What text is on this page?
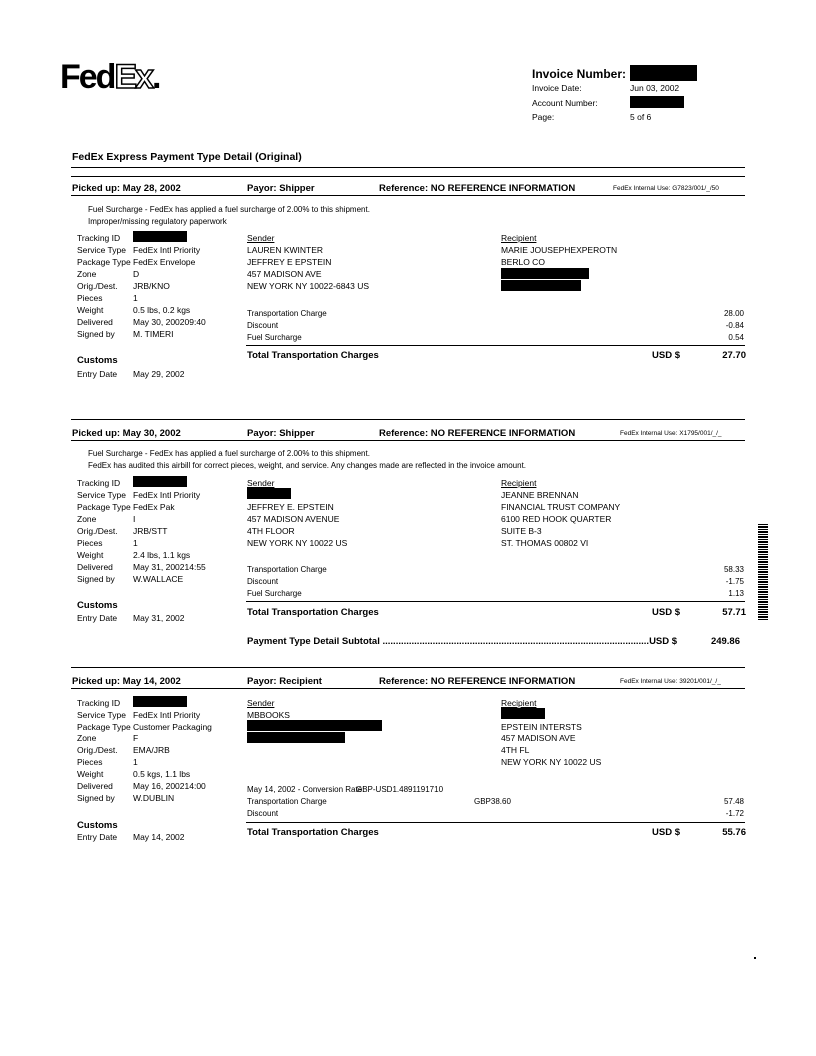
FedEx.	Invoice Number:
Invoice Date:	Jun 03, 2002
Account Number:
Page:	5 of 6
FedEx Express Payment Type Detail (Original)
Picked up: May 28, 2002	Payor: Shipper	Reference: NO REFERENCE INFORMATION	FedEx Internal Use: G7823/001/_/50
Fuel Surcharge - FedEx has applied a fuel surcharge of 2.00% to this shipment.
Improper/missing regulatory paperwork
Tracking ID
Service Type FedEx Intl Priority
Package Type FedEx Envelope
Zone	D
Orig./Dest. JRB/KNO
Pieces	1
Weight	0.5 lbs, 0.2 kgs
Delivered May 30, 200209:40
Signed by M. TIMERI
Customs
Entry Date May 29, 2002
Sender
LAUREN KWINTER
JEFFREY E EPSTEIN
457 MADISON AVE
NEW YORK NY 10022-6843 US
Recipient
MARIE JOUSEPHEXPEROTN
BERLO CO
Transportation Charge	28.00
Discount	-0.84
Fuel Surcharge	0.54
Total Transportation Charges	USD $	27.70
Picked up: May 30, 2002	Payor: Shipper	Reference: NO REFERENCE INFORMATION	FedEx Internal Use: X1795/001/_/_
Fuel Surcharge - FedEx has applied a fuel surcharge of 2.00% to this shipment.
FedEx has audited this airbill for correct pieces, weight, and service. Any changes made are reflected in the invoice amount.
Tracking ID
Service Type FedEx Intl Priority
Package Type FedEx Pak
Zone	I
Orig./Dest. JRB/STT
Pieces	1
Weight	2.4 lbs, 1.1 kgs
Delivered May 31, 200214:55
Signed by W.WALLACE
Customs
Entry Date May 31, 2002
Sender
JEFFREY E. EPSTEIN
457 MADISON AVENUE
4TH FLOOR
NEW YORK NY 10022 US
Recipient
JEANNE BRENNAN
FINANCIAL TRUST COMPANY
6100 RED HOOK QUARTER
SUITE B-3
ST. THOMAS 00802 VI
Transportation Charge	58.33
Discount	-1.75
Fuel Surcharge	1.13
Total Transportation Charges	USD $	57.71
Payment Type Detail Subtotal .....................................................................................................USD $	249.86
Picked up: May 14, 2002	Payor: Recipient	Reference: NO REFERENCE INFORMATION	FedEx Internal Use: 39201/001/_/_
Tracking ID
Service Type FedEx Intl Priority
Package Type Customer Packaging
Zone	F
Orig./Dest. EMA/JRB
Pieces	1
Weight	0.5 kgs, 1.1 lbs
Delivered May 16, 200214:00
Signed by W.DUBLIN
Customs
Entry Date May 14, 2002
Sender
MBBOOKS
Recipient
EPSTEIN INTERSTS
457 MADISON AVE
4TH FL
NEW YORK NY 10022 US
May 14, 2002 - Conversion Rate:
GBP-USD1.4891191710
Transportation Charge	GBP38.60	57.48
Discount	-1.72
Total Transportation Charges	USD $	55.76
